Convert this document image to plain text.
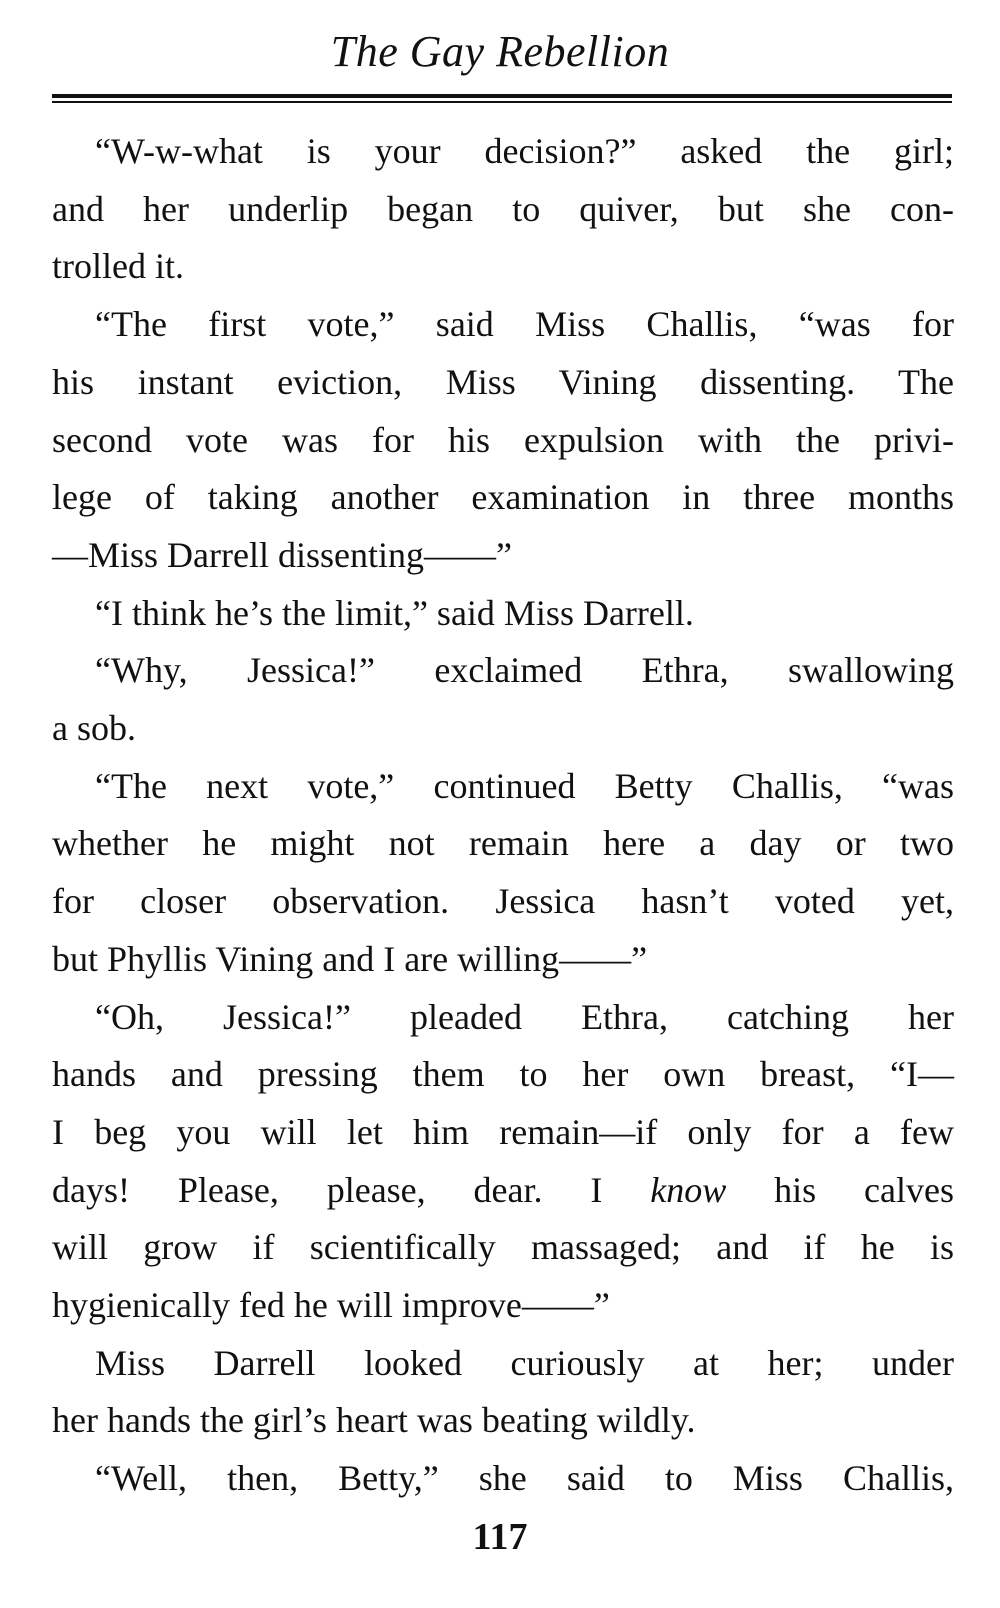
The Gay Rebellion
“W-w-what is your decision?” asked the girl;
and her underlip began to quiver, but she con-
trolled it.
“The first vote,” said Miss Challis, “was for
his instant eviction, Miss Vining dissenting. The
second vote was for his expulsion with the privi-
lege of taking another examination in three months
—Miss Darrell dissenting——”
“I think he’s the limit,” said Miss Darrell.
“Why, Jessica!” exclaimed Ethra, swallowing
a sob.
“The next vote,” continued Betty Challis, “was
whether he might not remain here a day or two
for closer observation. Jessica hasn’t voted yet,
but Phyllis Vining and I are willing——”
“Oh, Jessica!” pleaded Ethra, catching her
hands and pressing them to her own breast, “I—
I beg you will let him remain—if only for a few
days! Please, please, dear. I know his calves
will grow if scientifically massaged; and if he is
hygienically fed he will improve——”
Miss Darrell looked curiously at her; under
her hands the girl’s heart was beating wildly.
“Well, then, Betty,” she said to Miss Challis,
117
